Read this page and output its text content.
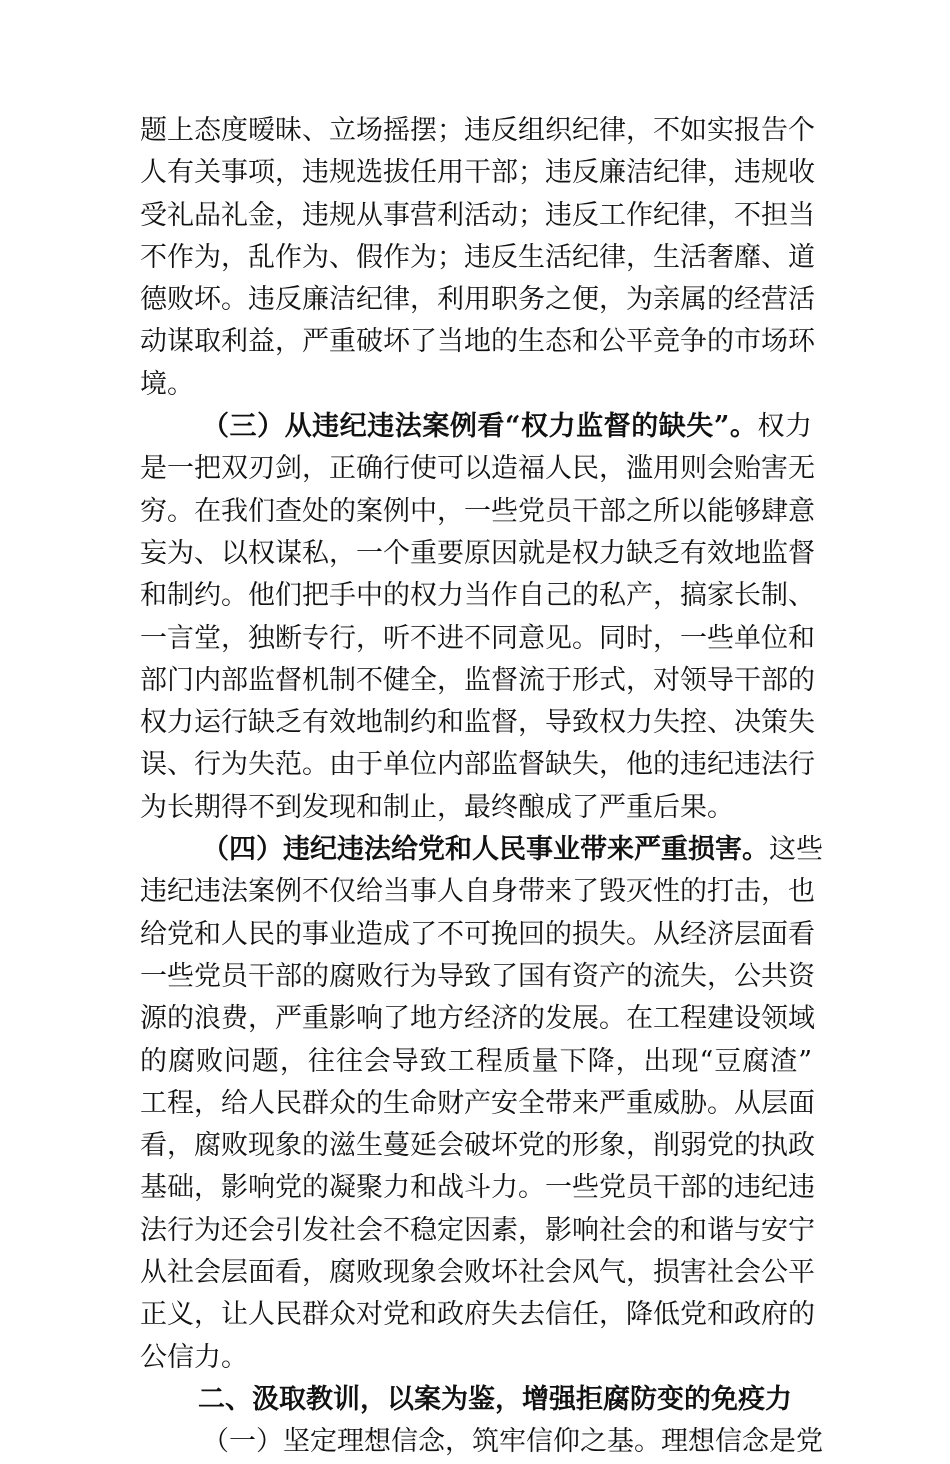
题上态度暧昧、立场摇摆；违反组织纪律，不如实报告个
人有关事项，违规选拔任用干部；违反廉洁纪律，违规收
受礼品礼金，违规从事营利活动；违反工作纪律，不担当
不作为，乱作为、假作为；违反生活纪律，生活奢靡、道
德败坏。违反廉洁纪律，利用职务之便，为亲属的经营活
动谋取利益，严重破坏了当地的生态和公平竞争的市场环
境。
（三）从违纪违法案例看“权力监督的缺失”。权力
是一把双刃剑，正确行使可以造福人民，滥用则会贻害无
穷。在我们查处的案例中，一些党员干部之所以能够肆意
妄为、以权谋私，一个重要原因就是权力缺乏有效地监督
和制约。他们把手中的权力当作自己的私产，搞家长制、
一言堂，独断专行，听不进不同意见。同时，一些单位和
部门内部监督机制不健全，监督流于形式，对领导干部的
权力运行缺乏有效地制约和监督，导致权力失控、决策失
误、行为失范。由于单位内部监督缺失，他的违纪违法行
为长期得不到发现和制止，最终酿成了严重后果。
（四）违纪违法给党和人民事业带来严重损害。这些
违纪违法案例不仅给当事人自身带来了毁灭性的打击，也
给党和人民的事业造成了不可挽回的损失。从经济层面看
一些党员干部的腐败行为导致了国有资产的流失，公共资
源的浪费，严重影响了地方经济的发展。在工程建设领域
的腐败问题，往往会导致工程质量下降，出现“豆腐渣”
工程，给人民群众的生命财产安全带来严重威胁。从层面
看，腐败现象的滋生蔓延会破坏党的形象，削弱党的执政
基础，影响党的凝聚力和战斗力。一些党员干部的违纪违
法行为还会引发社会不稳定因素，影响社会的和谐与安宁
从社会层面看，腐败现象会败坏社会风气，损害社会公平
正义，让人民群众对党和政府失去信任，降低党和政府的
公信力。
二、汲取教训，以案为鉴，增强拒腐防变的免疫力
（一）坚定理想信念，筑牢信仰之基。理想信念是党
